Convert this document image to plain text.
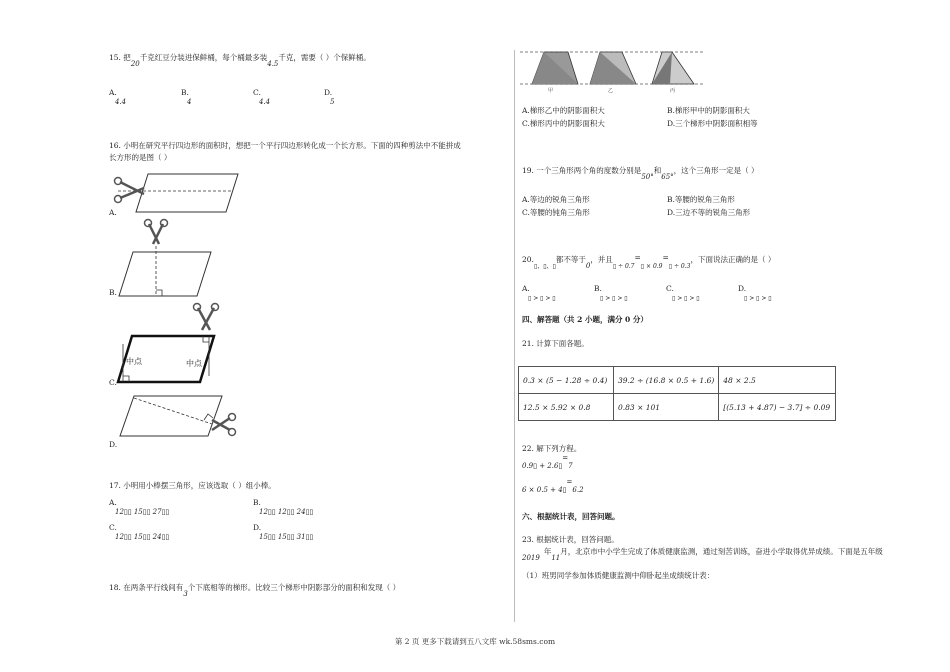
15. 把20千克红豆分装进保鲜桶，每个桶最多装4.5千克，需要（ ）个保鲜桶。
A.
4.4
B.
4
C.
4.4
D.
5
16. 小明在研究平行四边形的面积时，想把一个平行四边形转化成一个长方形。下面的四种剪法中不能拼成
长方形的是图（ ）
A.
B.
中点	中点
C.
D.
17. 小明用小棒摆三角形，应该选取（ ）组小棒。
A.
12▯▯ 15▯▯ 27▯▯
B.
12▯▯ 12▯▯ 24▯▯
C.
12▯▯ 15▯▯ 24▯▯
D.
15▯▯ 15▯▯ 31▯▯
18. 在两条平行线间有3个下底相等的梯形。比较三个梯形中阴影部分的面积和发现（ ）
甲	乙	丙
A.梯形乙中的阴影面积大	B.梯形甲中的阴影面积大
C.梯形丙中的阴影面积大	D.三个梯形中阴影面积相等
19. 一个三角形两个角的度数分别是50°和65°，这个三角形一定是（ ）
A.等边的锐角三角形	B.等腰的锐角三角形
C.等腰的钝角三角形	D.三边不等的锐角三角形
$20._{▯、▯、▯}$都不等于0，并且$_{▯ \div 0.7}=_{▯ \times 0.9}=_{▯ \div 0.3}$，下面说法正确的是（ ）
A.
▯ > ▯ > ▯
B.
▯ > ▯ > ▯
C.
▯ > ▯ > ▯
D.
▯ > ▯ > ▯
四、解答题（共 2 小题，满分 0 分）
21. 计算下面各题。
0.3 × (5 − 1.28 ÷ 0.4)	39.2 ÷ (16.8 × 0.5 + 1.6)	48 × 2.5
12.5 × 5.92 × 0.8	0.83 × 101	[(5.13 + 4.87) − 3.7] ÷ 0.09
22. 解下列方程。
0.9▯ + 2.6▯=7
6 × 0.5 + 4▯=6.2
六、根据统计表，回答问题。
23. 根据统计表，回答问题。
2019年11月，北京市中小学生完成了体质健康监测，通过刻苦训练，奋进小学取得优异成绩。下面是五年级
（1）班男同学参加体质健康监测中仰卧起坐成绩统计表：
第 2 页 更多下载请到五八文库 wk.58sms.com
